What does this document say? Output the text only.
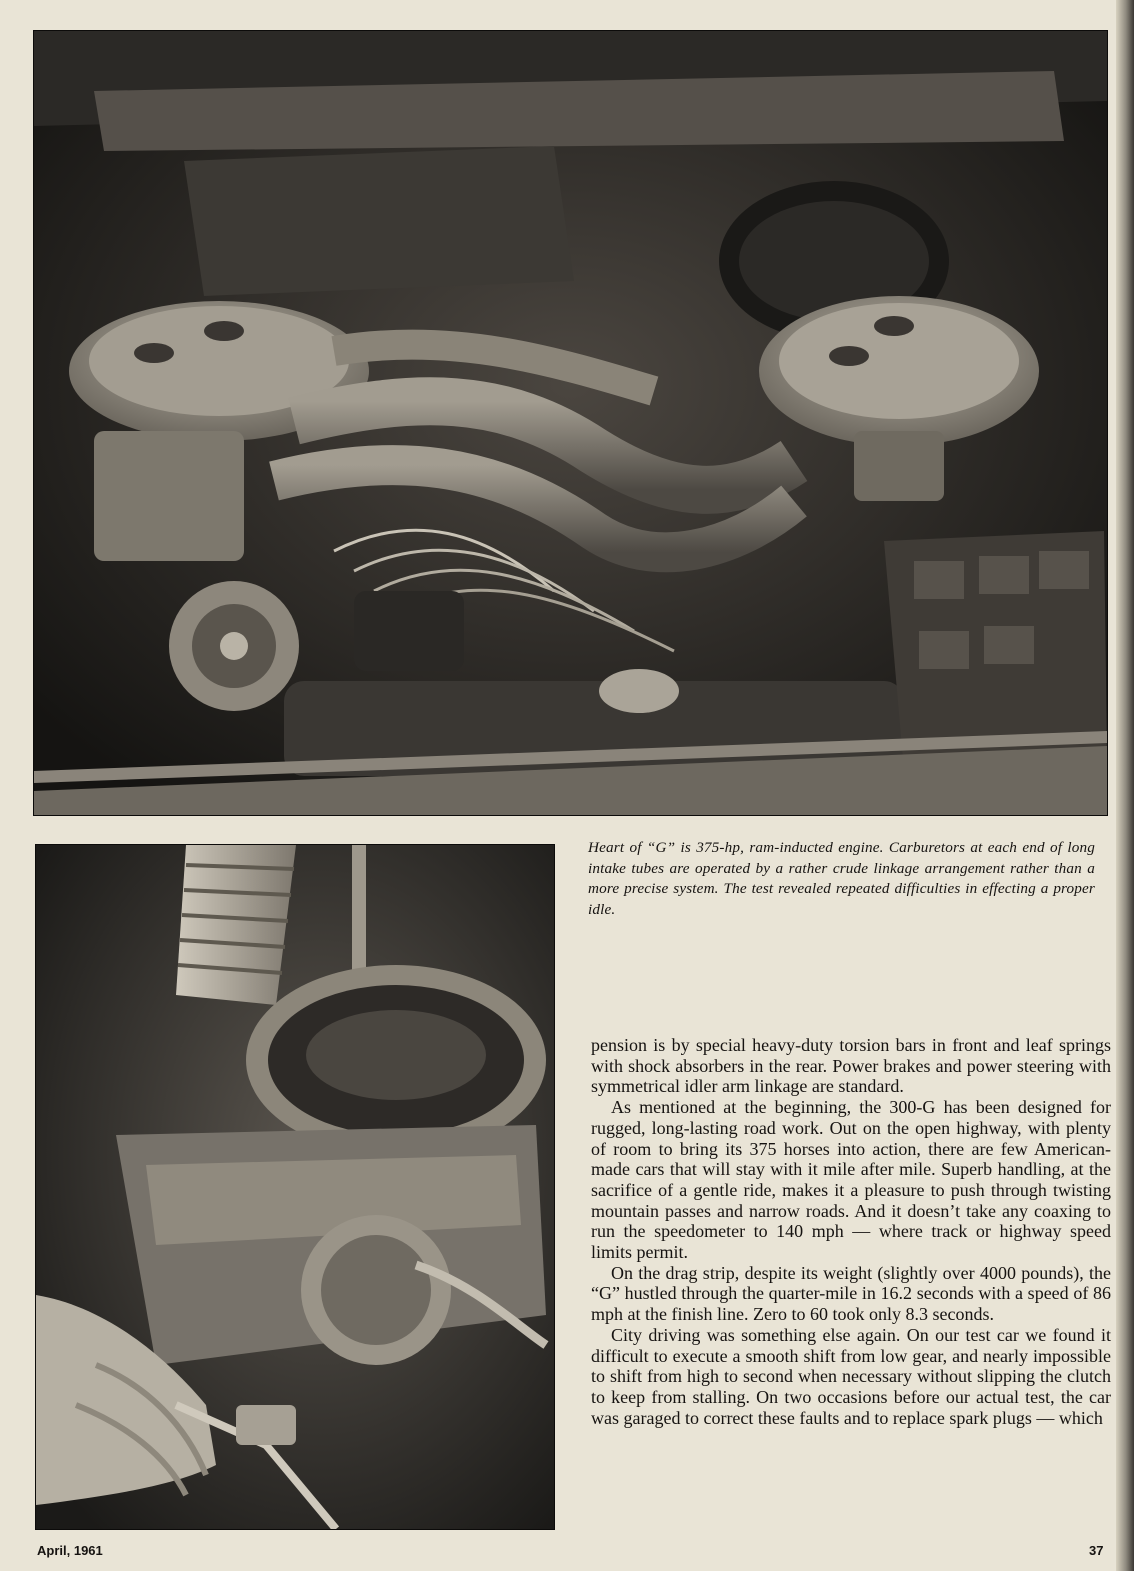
Heart of “G” is 375-hp, ram-inducted engine. Carburetors at each end of long intake tubes are operated by a rather crude linkage arrangement rather than a more precise system. The test revealed repeated difficulties in effecting a proper idle.

pension is by special heavy-duty torsion bars in front and leaf springs with shock absorbers in the rear. Power brakes and power steering with symmetrical idler arm linkage are standard.

As mentioned at the beginning, the 300-G has been designed for rugged, long-lasting road work. Out on the open highway, with plenty of room to bring its 375 horses into action, there are few American-made cars that will stay with it mile after mile. Superb handling, at the sacrifice of a gentle ride, makes it a pleasure to push through twisting mountain passes and narrow roads. And it doesn’t take any coaxing to run the speedometer to 140 mph — where track or highway speed limits permit.

On the drag strip, despite its weight (slightly over 4000 pounds), the “G” hustled through the quarter-mile in 16.2 seconds with a speed of 86 mph at the finish line. Zero to 60 took only 8.3 seconds.

City driving was something else again. On our test car we found it difficult to execute a smooth shift from low gear, and nearly impossible to shift from high to second when necessary without slipping the clutch to keep from stalling. On two occasions before our actual test, the car was garaged to correct these faults and to replace spark plugs — which

April, 1961	37
